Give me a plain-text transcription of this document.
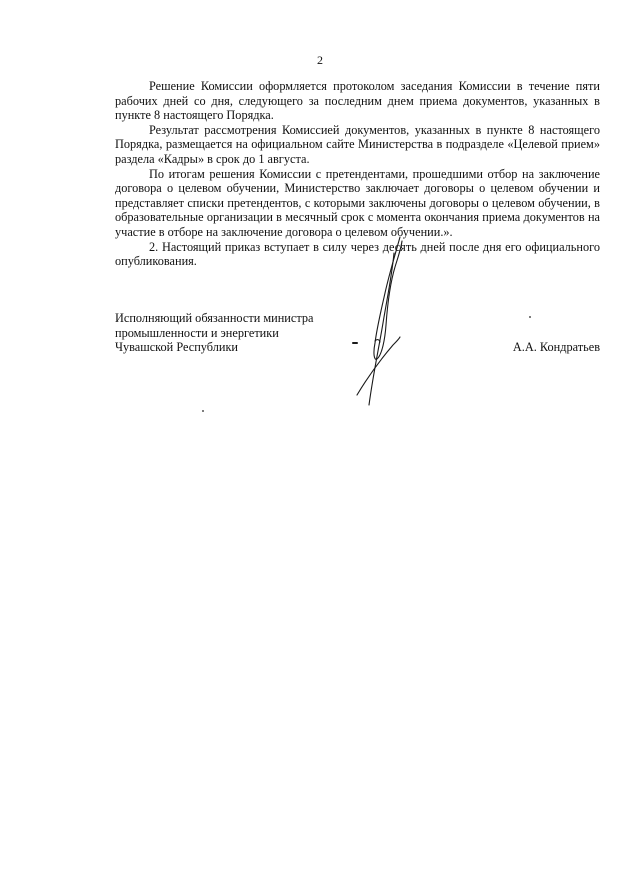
2

Решение Комиссии оформляется протоколом заседания Комиссии в течение пяти рабочих дней со дня, следующего за последним днем приема документов, указанных в пункте 8 настоящего Порядка.

Результат рассмотрения Комиссией документов, указанных в пункте 8 настоящего Порядка, размещается на официальном сайте Министерства в подразделе «Целевой прием» раздела «Кадры» в срок до 1 августа.

По итогам решения Комиссии с претендентами, прошедшими отбор на заключение договора о целевом обучении, Министерство заключает договоры о целевом обучении и представляет списки претендентов, с которыми заключены договоры о целевом обучении, в образовательные организации в месячный срок с момента окончания приема документов на участие в отборе на заключение договора о целевом обучении.».

2. Настоящий приказ вступает в силу через десять дней после дня его официального опубликования.

Исполняющий обязанности министра

промышленности и энергетики

Чувашской Республики	А.А. Кондратьев
